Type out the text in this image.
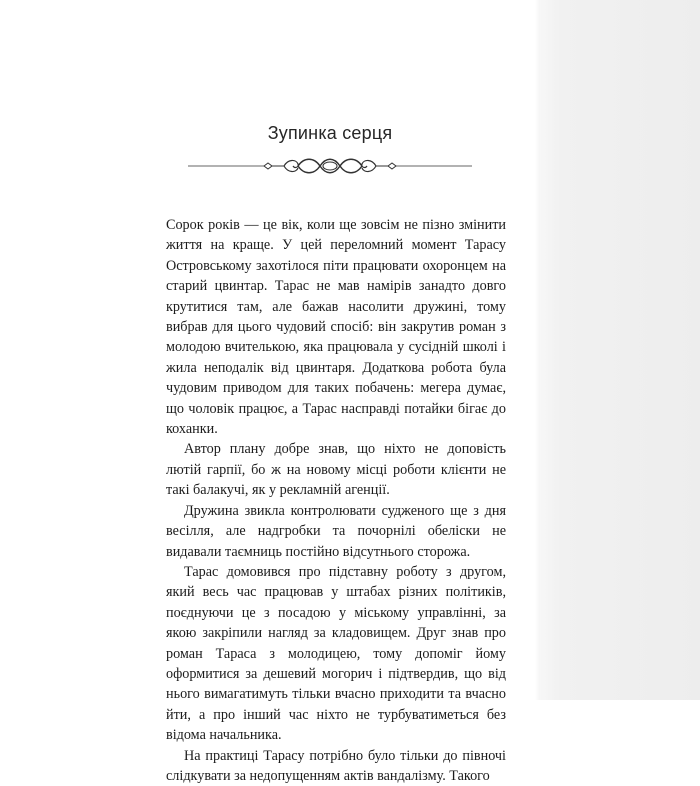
Зупинка серця

Сорок років — це вік, коли ще зовсім не пізно змінити життя на краще. У цей переломний момент Тарасу Островському захотілося піти працювати охоронцем на старий цвинтар. Тарас не мав намірів занадто довго крутитися там, але бажав насолити дружині, тому вибрав для цього чудовий спосіб: він закрутив роман з молодою вчителькою, яка працювала у сусідній школі і жила неподалік від цвинтаря. Додаткова робота була чудовим приводом для таких побачень: мегера думає, що чоловік працює, а Тарас насправді потайки бігає до коханки.

Автор плану добре знав, що ніхто не доповість лютій гарпії, бо ж на новому місці роботи клієнти не такі балакучі, як у рекламній агенції.

Дружина звикла контролювати судженого ще з дня весілля, але надгробки та почорнілі обеліски не видавали таємниць постійно відсутнього сторожа.

Тарас домовився про підставну роботу з другом, який весь час працював у штабах різних політиків, поєднуючи це з посадою у міському управлінні, за якою закріпили нагляд за кладовищем. Друг знав про роман Тараса з молодицею, тому допоміг йому оформитися за дешевий могорич і підтвердив, що від нього вимагатимуть тільки вчасно приходити та вчасно йти, а про інший час ніхто не турбуватиметься без відома начальника.

На практиці Тарасу потрібно було тільки до півночі слідкувати за недопущенням актів вандалізму. Такого
